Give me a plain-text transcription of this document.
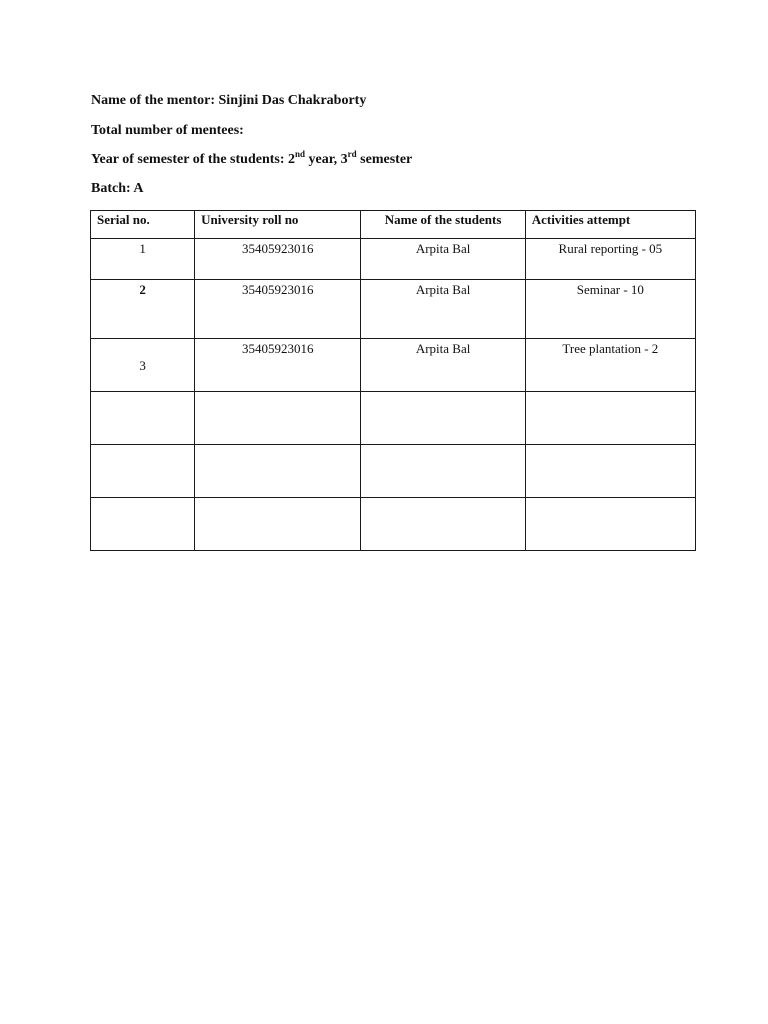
Name of the mentor: Sinjini Das Chakraborty
Total number of mentees:
Year of semester of the students: 2nd year, 3rd semester
Batch: A
Serial no.	University roll no	Name of the students	Activities attempt
1	35405923016	Arpita Bal	Rural reporting - 05
2	35405923016	Arpita Bal	Seminar - 10
3	35405923016	Arpita Bal	Tree plantation - 2
